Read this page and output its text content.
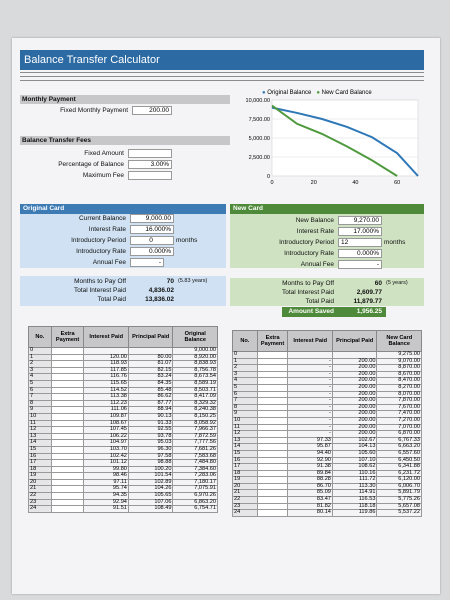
Balance Transfer Calculator
Monthly Payment
Fixed Monthly Payment	200.00
Balance Transfer Fees
Fixed Amount
Percentage of Balance	3.00%
Maximum Fee
● Original Balance ● New Card Balance
0
2,500.00
5,000.00
7,500.00
10,000.00
0	20	40	60
Original Card
Current Balance	9,000.00
Interest Rate	16.000%
Introductory Period	0	months
Introductory Rate	0.000%
Annual Fee	-
Months to Pay Off	70 (5.83 years)
Total Interest Paid	4,836.02
Total Paid	13,836.02
New Card
New Balance	9,270.00
Interest Rate	17.000%
Introductory Period	12	months
Introductory Rate	0.000%
Annual Fee	-
Months to Pay Off	60 (5 years)
Total Interest Paid	2,609.77
Total Paid	11,879.77
Amount Saved	1,956.25
No.	Extra Payment	Interest Paid	Principal Paid	Original Balance
0				9,000.00
1		120.00	80.00	8,920.00
2		118.93	81.07	8,838.93
3		117.85	82.15	8,756.78
4		116.76	83.24	8,673.54
5		115.65	84.35	8,589.19
6		114.52	85.48	8,503.71
7		113.38	86.62	8,417.09
8		112.23	87.77	8,329.32
9		111.06	88.94	8,240.38
10		109.87	90.13	8,150.25
11		108.67	91.33	8,058.92
12		107.45	92.55	7,966.37
13		106.22	93.78	7,872.59
14		104.97	95.03	7,777.56
15		103.70	96.30	7,681.26
16		102.42	97.58	7,583.68
17		101.12	98.88	7,484.80
18		99.80	100.20	7,384.60
19		98.46	101.54	7,283.06
20		97.11	102.89	7,180.17
21		95.74	104.26	7,075.91
22		94.35	105.65	6,970.26
23		92.94	107.06	6,863.20
24		91.51	108.49	6,754.71
No.	Extra Payment	Interest Paid	Principal Paid	New Card Balance
0				9,275.00
1		-	200.00	9,070.00
2		-	200.00	8,870.00
3		-	200.00	8,670.00
4		-	200.00	8,470.00
5		-	200.00	8,270.00
6		-	200.00	8,070.00
7		-	200.00	7,870.00
8		-	200.00	7,670.00
9		-	200.00	7,470.00
10		-	200.00	7,270.00
11		-	200.00	7,070.00
12		-	200.00	6,870.00
13		97.33	102.67	6,767.33
14		95.87	104.13	6,663.20
15		94.40	105.60	6,557.60
16		92.90	107.10	6,450.50
17		91.38	108.62	6,341.88
18		89.84	110.16	6,231.72
19		88.28	111.72	6,120.00
20		86.70	113.30	6,006.70
21		85.09	114.91	5,891.79
22		83.47	116.53	5,775.26
23		81.82	118.18	5,657.08
24		80.14	119.86	5,537.22
